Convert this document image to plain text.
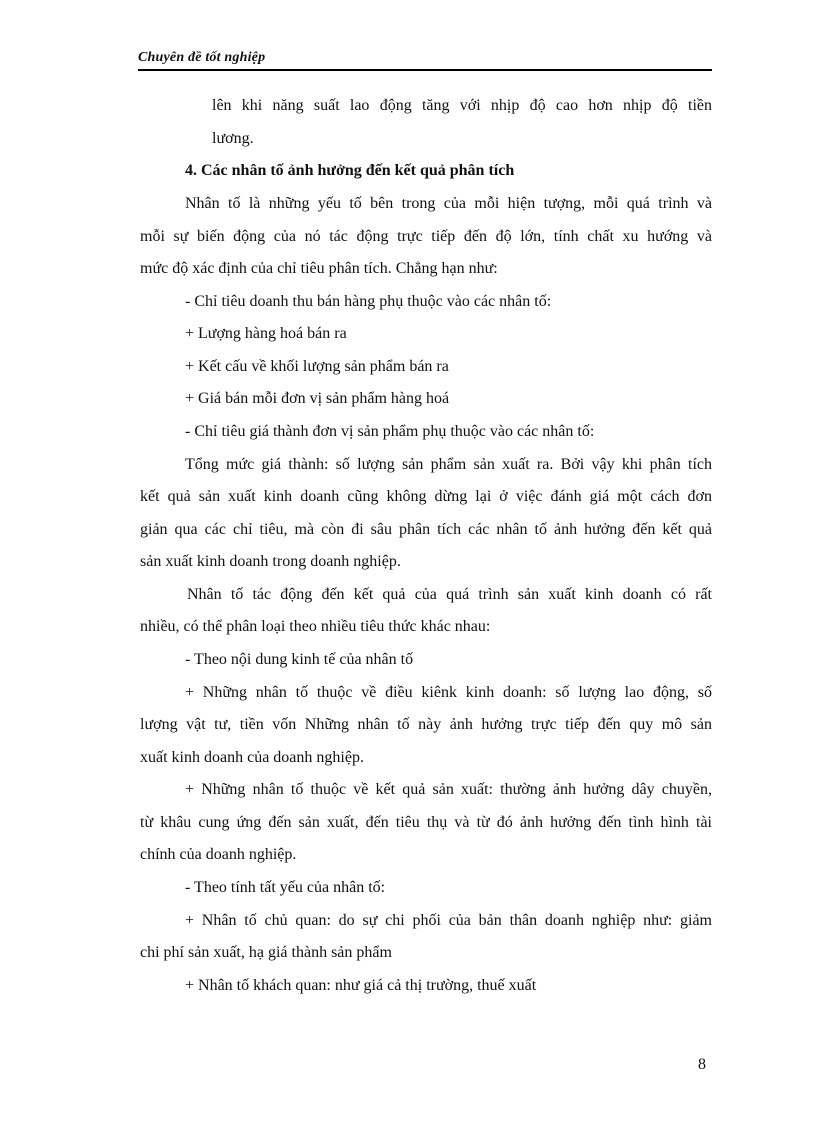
Chuyên đề tốt nghiệp
lên khi năng suất lao động tăng với nhịp độ cao hơn nhịp độ tiền
lương.
4. Các nhân tố ảnh hưởng đến kết quả phân tích
Nhân tố là những yếu tố bên trong của mỗi hiện tượng, mỗi quá trình và
mỗi sự biến động của nó tác động trực tiếp đến độ lớn, tính chất xu hướng và
mức độ xác định của chỉ tiêu phân tích. Chẳng hạn như:
- Chỉ tiêu doanh thu bán hàng phụ thuộc vào các nhân tố:
+ Lượng hàng hoá bán ra
+ Kết cấu về khối lượng sản phẩm bán ra
+ Giá bán mỗi đơn vị sản phẩm hàng hoá
- Chỉ tiêu giá thành đơn vị sản phẩm phụ thuộc vào các nhân tố:
Tổng mức giá thành: số lượng sản phẩm sản xuất ra. Bởi vậy khi phân tích
kết quả sản xuất kinh doanh cũng không dừng lại ở việc đánh giá một cách đơn
giản qua các chỉ tiêu, mà còn đi sâu phân tích các nhân tố ảnh hưởng đến kết quả
sản xuất kinh doanh trong doanh nghiệp.
Nhân tố tác động đến kết quả của quá trình sản xuất kinh doanh có rất
nhiều, có thể phân loại theo nhiều tiêu thức khác nhau:
- Theo nội dung kinh tế của nhân tố
+ Những nhân tố thuộc về điều kiênk kinh doanh: số lượng lao động, số
lượng vật tư, tiền vốn Những nhân tố này ảnh hưởng trực tiếp đến quy mô sản
xuất kinh doanh của doanh nghiệp.
+ Những nhân tố thuộc về kết quả sản xuất: thường ảnh hưởng dây chuyền,
từ khâu cung ứng đến sản xuất, đến tiêu thụ và từ đó ảnh hưởng đến tình hình tài
chính của doanh nghiệp.
- Theo tính tất yếu của nhân tố:
+ Nhân tố chủ quan: do sự chi phối của bản thân doanh nghiệp như: giảm
chi phí sản xuất, hạ giá thành sản phẩm
+ Nhân tố khách quan: như giá cả thị trường, thuế xuất
8
